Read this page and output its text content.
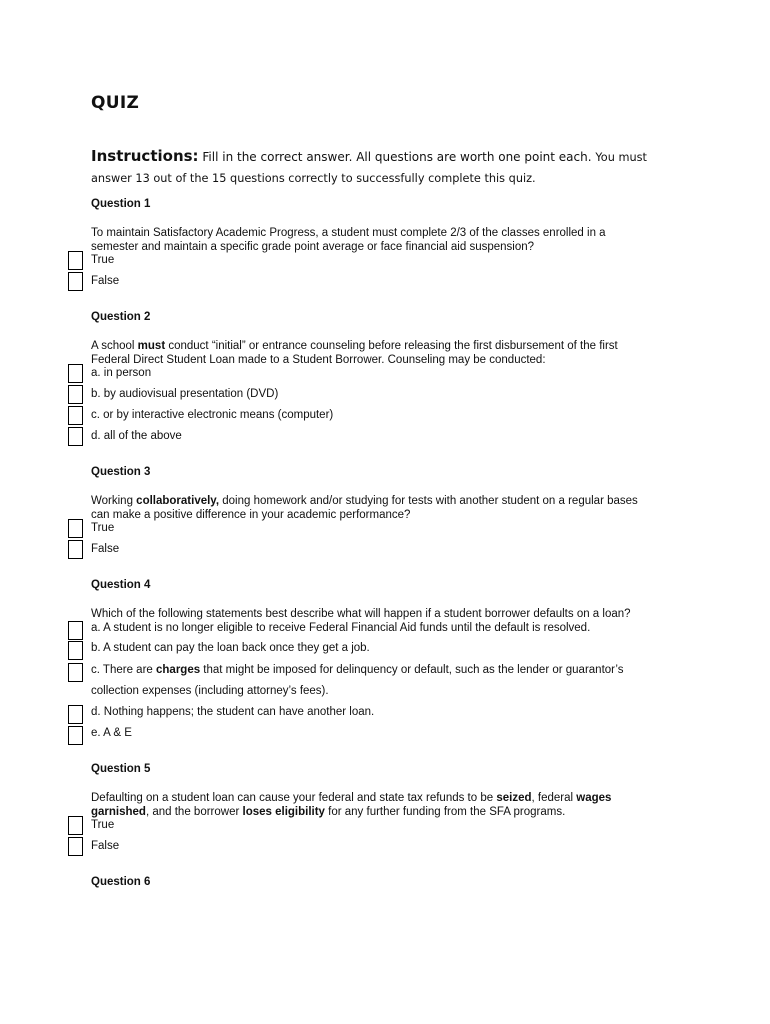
QUIZ
Instructions: Fill in the correct answer. All questions are worth one point each. You must
answer 13 out of the 15 questions correctly to successfully complete this quiz.
Question 1
To maintain Satisfactory Academic Progress, a student must complete 2/3 of the classes enrolled in a
semester and maintain a specific grade point average or face financial aid suspension?
True
False
Question 2
A school must conduct “initial” or entrance counseling before releasing the first disbursement of the first
Federal Direct Student Loan made to a Student Borrower. Counseling may be conducted:
a. in person
b. by audiovisual presentation (DVD)
c. or by interactive electronic means (computer)
d. all of the above
Question 3
Working collaboratively, doing homework and/or studying for tests with another student on a regular bases
can make a positive difference in your academic performance?
True
False
Question 4
Which of the following statements best describe what will happen if a student borrower defaults on a loan?
a. A student is no longer eligible to receive Federal Financial Aid funds until the default is resolved.
b. A student can pay the loan back once they get a job.
c. There are charges that might be imposed for delinquency or default, such as the lender or guarantor’s
collection expenses (including attorney’s fees).
d. Nothing happens; the student can have another loan.
e. A & E
Question 5
Defaulting on a student loan can cause your federal and state tax refunds to be seized, federal wages
garnished, and the borrower loses eligibility for any further funding from the SFA programs.
True
False
Question 6
